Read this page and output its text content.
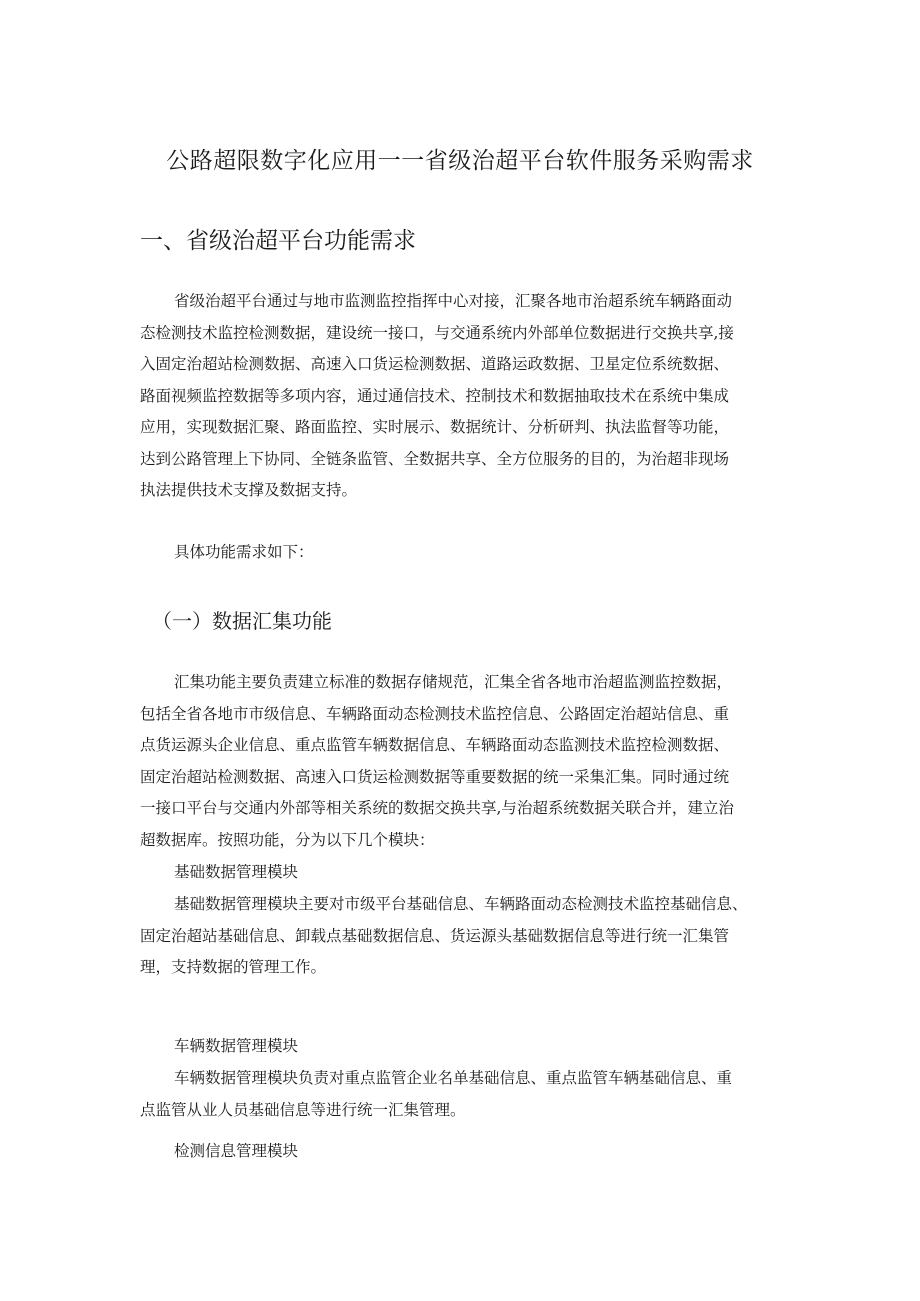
公路超限数字化应用一一省级治超平台软件服务采购需求
一、省级治超平台功能需求
省级治超平台通过与地市监测监控指挥中心对接，汇聚各地市治超系统车辆路面动
态检测技术监控检测数据，建设统一接口，与交通系统内外部单位数据进行交换共享,接
入固定治超站检测数据、高速入口货运检测数据、道路运政数据、卫星定位系统数据、
路面视频监控数据等多项内容，通过通信技术、控制技术和数据抽取技术在系统中集成
应用，实现数据汇聚、路面监控、实时展示、数据统计、分析研判、执法监督等功能，
达到公路管理上下协同、全链条监管、全数据共享、全方位服务的目的，为治超非现场
执法提供技术支撑及数据支持。
具体功能需求如下：
（一）数据汇集功能
汇集功能主要负责建立标准的数据存储规范，汇集全省各地市治超监测监控数据，
包括全省各地市市级信息、车辆路面动态检测技术监控信息、公路固定治超站信息、重
点货运源头企业信息、重点监管车辆数据信息、车辆路面动态监测技术监控检测数据、
固定治超站检测数据、高速入口货运检测数据等重要数据的统一采集汇集。同时通过统
一接口平台与交通内外部等相关系统的数据交换共享,与治超系统数据关联合并，建立治
超数据库。按照功能，分为以下几个模块：
基础数据管理模块
基础数据管理模块主要对市级平台基础信息、车辆路面动态检测技术监控基础信息、
固定治超站基础信息、卸载点基础数据信息、货运源头基础数据信息等进行统一汇集管
理，支持数据的管理工作。
车辆数据管理模块
车辆数据管理模块负责对重点监管企业名单基础信息、重点监管车辆基础信息、重
点监管从业人员基础信息等进行统一汇集管理。
检测信息管理模块
